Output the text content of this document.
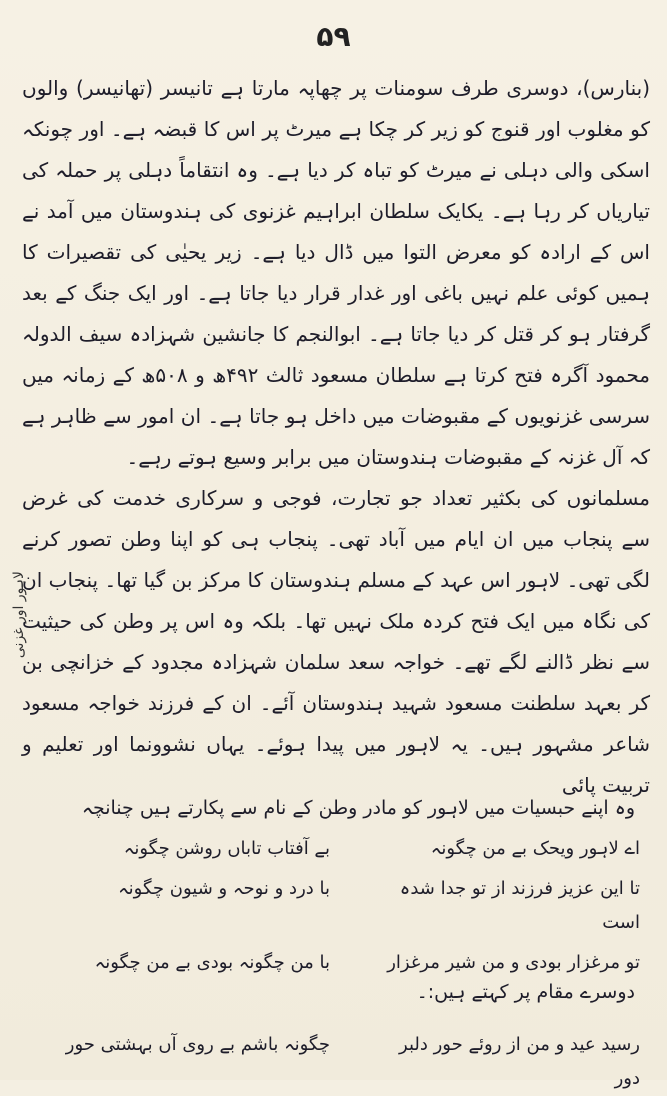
۵۹

(بنارس)، دوسری طرف سومنات پر چھاپہ مارتا ہے تانیسر (تھانیسر) والوں کو مغلوب اور قنوج کو زیر کر چکا ہے میرٹ پر اس کا قبضہ ہے۔ اور چونکہ اسکی والی دہلی نے میرٹ کو تباہ کر دیا ہے۔ وہ انتقاماً دہلی پر حملہ کی تیاریاں کر رہا ہے۔ یکایک سلطان ابراہیم غزنوی کی ہندوستان میں آمد نے اس کے ارادہ کو معرض التوا میں ڈال دیا ہے۔ زیر یحیٰی کی تقصیرات کا ہمیں کوئی علم نہیں باغی اور غدار قرار دیا جاتا ہے۔ اور ایک جنگ کے بعد گرفتار ہو کر قتل کر دیا جاتا ہے۔ ابوالنجم کا جانشین شہزادہ سیف الدولہ محمود آگرہ فتح کرتا ہے سلطان مسعود ثالث ۴۹۲ھ و ۵۰۸ھ کے زمانہ میں سرسی غزنویوں کے مقبوضات میں داخل ہو جاتا ہے۔ ان امور سے ظاہر ہے کہ آل غزنہ کے مقبوضات ہندوستان میں برابر وسیع ہوتے رہے۔

مسلمانوں کی بکثیر تعداد جو تجارت، فوجی و سرکاری خدمت کی غرض سے پنجاب میں ان ایام میں آباد تھی۔ پنجاب ہی کو اپنا وطن تصور کرنے لگی تھی۔ لاہور اس عہد کے مسلم ہندوستان کا مرکز بن گیا تھا۔ پنجاب ان کی نگاہ میں ایک فتح کردہ ملک نہیں تھا۔ بلکہ وہ اس پر وطن کی حیثیت سے نظر ڈالنے لگے تھے۔ خواجہ سعد سلمان شہزادہ مجدود کے خزانچی بن کر بعہد سلطنت مسعود شہید ہندوستان آئے۔ ان کے فرزند خواجہ مسعود شاعر مشہور ہیں۔ یہ لاہور میں پیدا ہوئے۔ یہاں نشوونما اور تعلیم و تربیت پائی

لاہور اور غزنی
وہ اپنے حبسیات میں لاہور کو مادر وطن کے نام سے پکارتے ہیں چنانچہ
اے لاہور ویحک بے من چگونہ
بے آفتاب تاباں روشن چگونہ
تا این عزیز فرزند از تو جدا شدہ است
با درد و نوحہ و شیون چگونہ
تو مرغزار بودی و من شیر مرغزار
با من چگونہ بودی بے من چگونہ
دوسرے مقام پر کہتے ہیں:۔
رسید عید و من از روئے حور دلبر دور
چگونہ باشم بے روی آں بہشتی حور
